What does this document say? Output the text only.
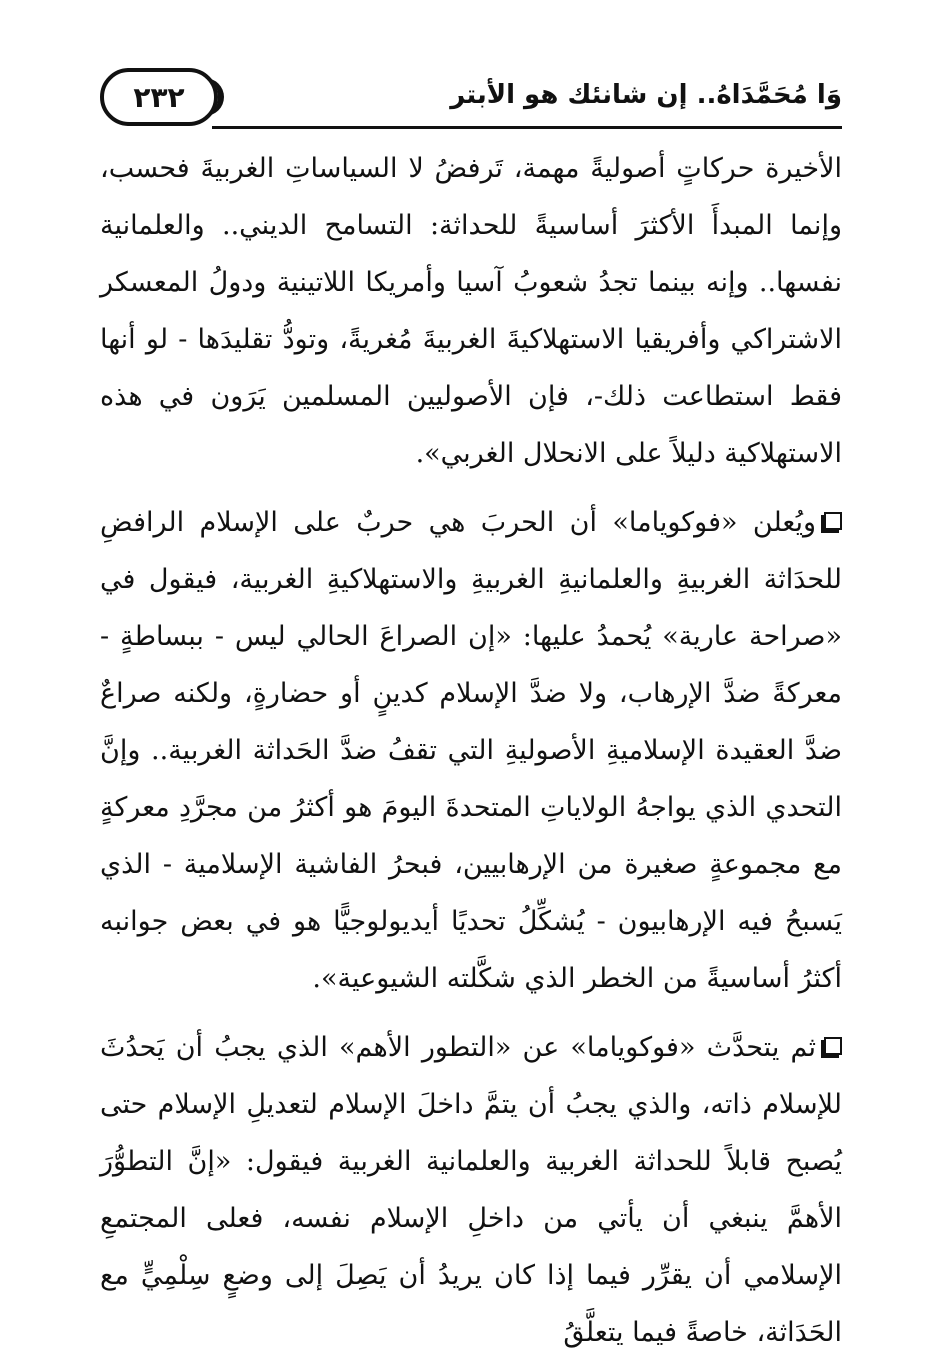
٢٣٢	وَا مُحَمَّدَاهُ.. إن شانئك هو الأبتر

الأخيرة حركاتٍ أصوليةً مهمة، تَرفضُ لا السياساتِ الغربيةَ فحسب، وإنما المبدأَ الأكثرَ أساسيةً للحداثة: التسامح الديني.. والعلمانية نفسها.. وإنه بينما تجدُ شعوبُ آسيا وأمريكا اللاتينية ودولُ المعسكر الاشتراكي وأفريقيا الاستهلاكيةَ الغربيةَ مُغريةً، وتودُّ تقليدَها - لو أنها فقط استطاعت ذلك-، فإن الأصوليين المسلمين يَرَون في هذه الاستهلاكية دليلاً على الانحلال الغربي».

ويُعلن «فوكوياما» أن الحربَ هي حربٌ على الإسلام الرافضِ للحدَاثة الغربيةِ والعلمانيةِ الغربيةِ والاستهلاكيةِ الغربية، فيقول في «صراحة عارية» يُحمدُ عليها: «إن الصراعَ الحالي ليس - ببساطةٍ - معركةً ضدَّ الإرهاب، ولا ضدَّ الإسلام كدينٍ أو حضارةٍ، ولكنه صراعٌ ضدَّ العقيدة الإسلاميةِ الأصوليةِ التي تقفُ ضدَّ الحَداثة الغربية.. وإنَّ التحدي الذي يواجهُ الولاياتِ المتحدةَ اليومَ هو أكثرُ من مجرَّدِ معركةٍ مع مجموعةٍ صغيرة من الإرهابيين، فبحرُ الفاشية الإسلامية - الذي يَسبحُ فيه الإرهابيون - يُشكِّلُ تحديًا أيديولوجيًّا هو في بعض جوانبه أكثرُ أساسيةً من الخطر الذي شكَّلته الشيوعية».

ثم يتحدَّث «فوكوياما» عن «التطور الأهم» الذي يجبُ أن يَحدُثَ للإسلام ذاته، والذي يجبُ أن يتمَّ داخلَ الإسلام لتعديلِ الإسلام حتى يُصبح قابلاً للحداثة الغربية والعلمانية الغربية فيقول: «إنَّ التطوُّرَ الأهمَّ ينبغي أن يأتي من داخلِ الإسلام نفسه، فعلى المجتمعِ الإسلامي أن يقرِّر فيما إذا كان يريدُ أن يَصِلَ إلى وضعٍ سِلْمِيٍّ مع الحَدَاثة، خاصةً فيما يتعلَّقُ
